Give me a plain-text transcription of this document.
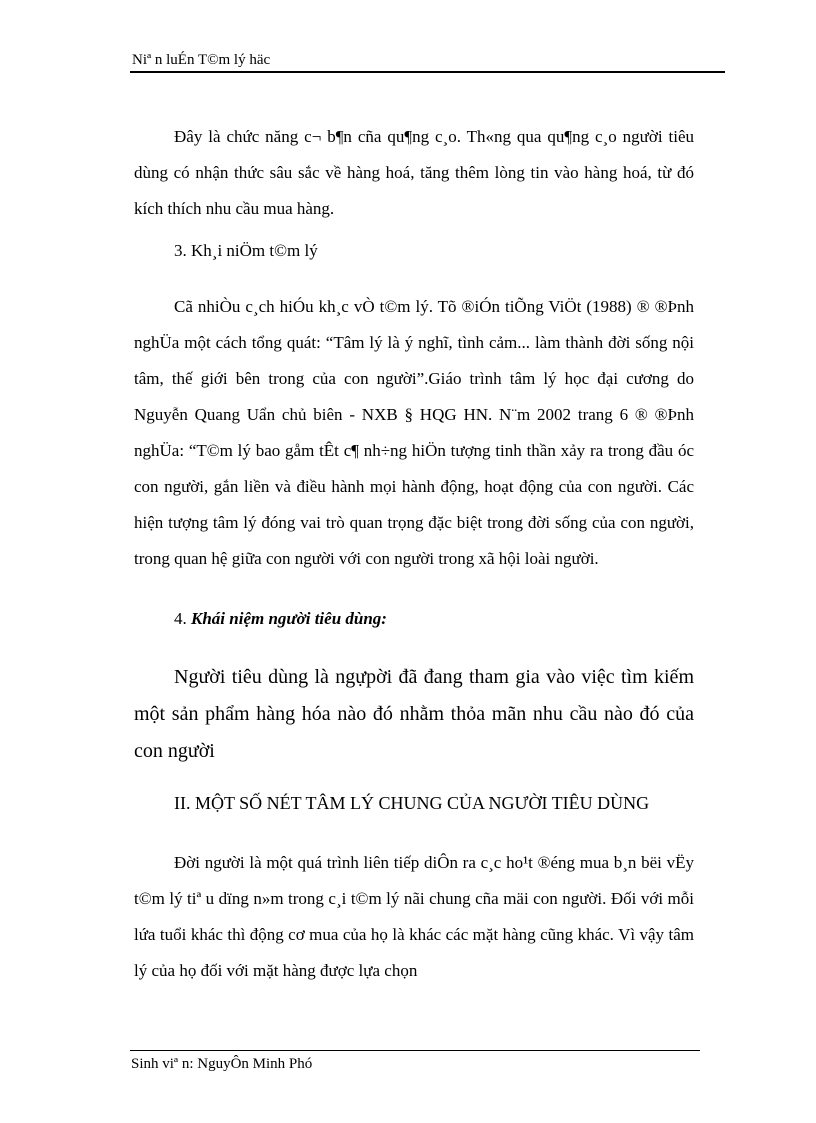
Niª n luÉn T©m lý häc

Đây là chức năng c¬ b¶n cña qu¶ng c¸o. Th«ng qua qu¶ng c¸o người tiêu dùng có nhận thức sâu sắc về hàng hoá, tăng thêm lòng tin vào hàng hoá, từ đó kích thích nhu cầu mua hàng.

3. Kh¸i niÖm t©m lý

Cã nhiÒu c¸ch hiÓu kh¸c vÒ t©m lý. Tõ ®iÓn tiÕng ViÖt (1988) ® ®Þnh nghÜa một cách tổng quát: “Tâm lý là ý nghĩ, tình cảm... làm thành đời sống nội tâm, thế giới bên trong của con người”.Giáo trình tâm lý học đại cương do Nguyễn Quang Uẩn chủ biên - NXB § HQG HN. N¨m 2002 trang 6 ® ®Þnh nghÜa: “T©m lý bao gåm tÊt c¶ nh÷ng hiÖn tượng tinh thần xảy ra trong đầu óc con người, gắn liền và điều hành mọi hành động, hoạt động của con người. Các hiện tượng tâm lý đóng vai trò quan trọng đặc biệt trong đời sống của con người, trong quan hệ giữa con người với con người trong xã hội loài người.

4. Khái niệm người tiêu dùng:

Người tiêu dùng là ngựpời đã đang tham gia vào việc tìm kiếm một sản phẩm hàng hóa nào đó nhằm thỏa mãn nhu cầu nào đó của con người

II. MỘT SỐ NÉT TÂM LÝ CHUNG CỦA NGƯỜI TIÊU DÙNG

Đời người là một quá trình liên tiếp diÔn ra c¸c ho¹t ®éng mua b¸n bëi vËy t©m lý tiª u dïng n»m trong c¸i t©m lý nãi chung cña mäi con người. Đối với mỗi lứa tuổi khác thì động cơ mua của họ là khác các mặt hàng cũng khác. Vì vậy tâm lý của họ đối với mặt hàng được lựa chọn

Sinh viª n: NguyÔn Minh Phó
